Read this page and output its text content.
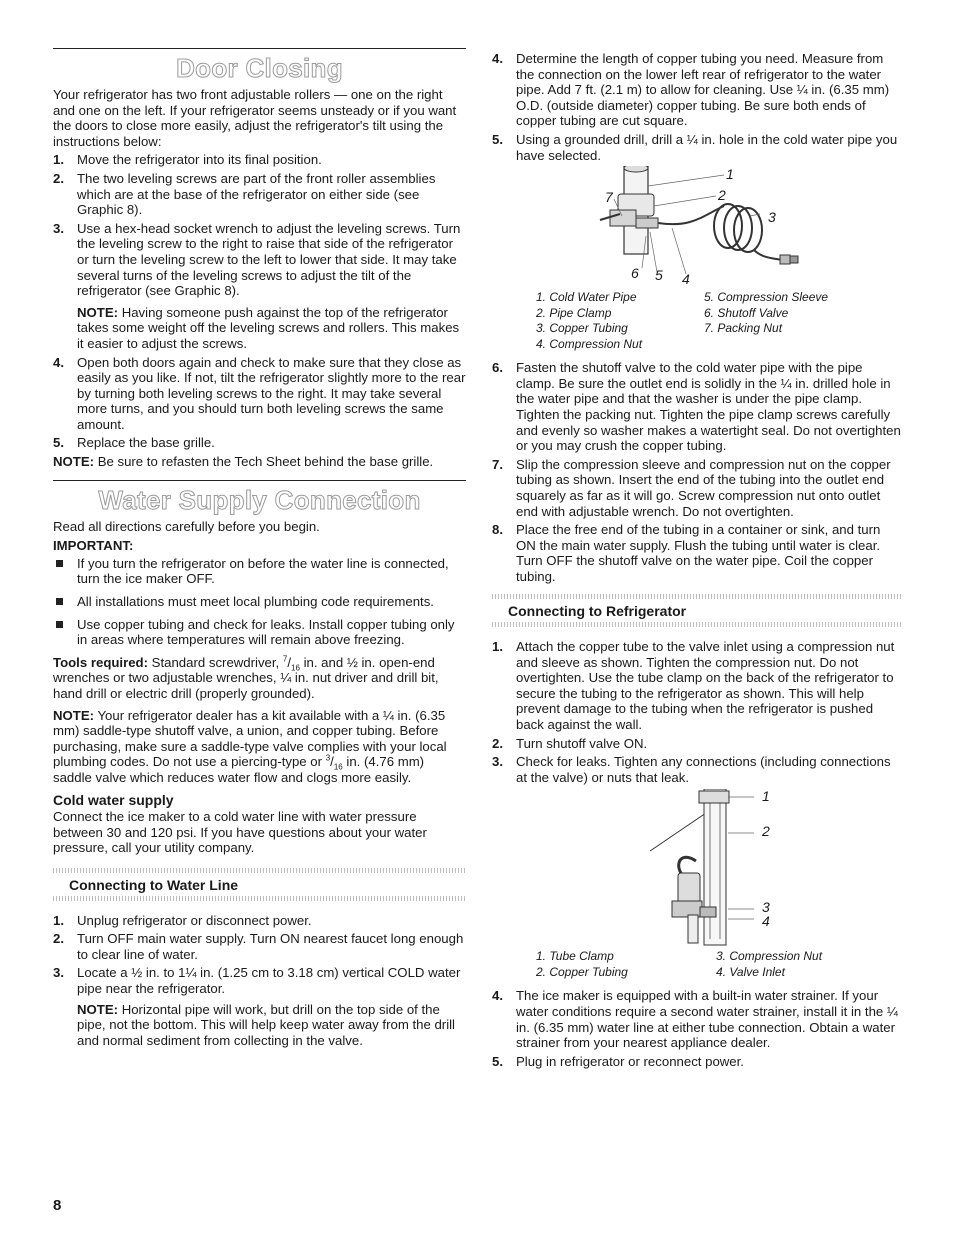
Door Closing

Your refrigerator has two front adjustable rollers — one on the right and one on the left. If your refrigerator seems unsteady or if you want the doors to close more easily, adjust the refrigerator's tilt using the instructions below:

1. Move the refrigerator into its final position.
2. The two leveling screws are part of the front roller assemblies which are at the base of the refrigerator on either side (see Graphic 8).
3. Use a hex-head socket wrench to adjust the leveling screws. Turn the leveling screw to the right to raise that side of the refrigerator or turn the leveling screw to the left to lower that side. It may take several turns of the leveling screws to adjust the tilt of the refrigerator (see Graphic 8).

NOTE: Having someone push against the top of the refrigerator takes some weight off the leveling screws and rollers. This makes it easier to adjust the screws.

4. Open both doors again and check to make sure that they close as easily as you like. If not, tilt the refrigerator slightly more to the rear by turning both leveling screws to the right. It may take several more turns, and you should turn both leveling screws the same amount.
5. Replace the base grille.

NOTE: Be sure to refasten the Tech Sheet behind the base grille.

Water Supply Connection

Read all directions carefully before you begin.

IMPORTANT:

If you turn the refrigerator on before the water line is connected, turn the ice maker OFF.
All installations must meet local plumbing code requirements.
Use copper tubing and check for leaks. Install copper tubing only in areas where temperatures will remain above freezing.

Tools required: Standard screwdriver, $^7/_{16}$ in. and ½ in. open-end wrenches or two adjustable wrenches, ¼ in. nut driver and drill bit, hand drill or electric drill (properly grounded).

NOTE: Your refrigerator dealer has a kit available with a ¼ in. (6.35 mm) saddle-type shutoff valve, a union, and copper tubing. Before purchasing, make sure a saddle-type valve complies with your local plumbing codes. Do not use a piercing-type or $^3/_{16}$ in. (4.76 mm) saddle valve which reduces water flow and clogs more easily.

Cold water supply

Connect the ice maker to a cold water line with water pressure between 30 and 120 psi. If you have questions about your water pressure, call your utility company.

Connecting to Water Line
1. Unplug refrigerator or disconnect power.
2. Turn OFF main water supply. Turn ON nearest faucet long enough to clear line of water.
3. Locate a ½ in. to 1¼ in. (1.25 cm to 3.18 cm) vertical COLD water pipe near the refrigerator.

NOTE: Horizontal pipe will work, but drill on the top side of the pipe, not the bottom. This will help keep water away from the drill and normal sediment from collecting in the valve.

4. Determine the length of copper tubing you need. Measure from the connection on the lower left rear of refrigerator to the water pipe. Add 7 ft. (2.1 m) to allow for cleaning. Use ¼ in. (6.35 mm) O.D. (outside diameter) copper tubing. Be sure both ends of copper tubing are cut square.
5. Using a grounded drill, drill a ¼ in. hole in the cold water pipe you have selected.
1
2
3
4
5
6
7
1. Cold Water Pipe	5. Compression Sleeve
2. Pipe Clamp	6. Shutoff Valve
3. Copper Tubing	7. Packing Nut
4. Compression Nut
6. Fasten the shutoff valve to the cold water pipe with the pipe clamp. Be sure the outlet end is solidly in the ¼ in. drilled hole in the water pipe and that the washer is under the pipe clamp. Tighten the packing nut. Tighten the pipe clamp screws carefully and evenly so washer makes a watertight seal. Do not overtighten or you may crush the copper tubing.
7. Slip the compression sleeve and compression nut on the copper tubing as shown. Insert the end of the tubing into the outlet end squarely as far as it will go. Screw compression nut onto outlet end with adjustable wrench. Do not overtighten.
8. Place the free end of the tubing in a container or sink, and turn ON the main water supply. Flush the tubing until water is clear. Turn OFF the shutoff valve on the water pipe. Coil the copper tubing.
Connecting to Refrigerator
1. Attach the copper tube to the valve inlet using a compression nut and sleeve as shown. Tighten the compression nut. Do not overtighten. Use the tube clamp on the back of the refrigerator to secure the tubing to the refrigerator as shown. This will help prevent damage to the tubing when the refrigerator is pushed back against the wall.
2. Turn shutoff valve ON.
3. Check for leaks. Tighten any connections (including connections at the valve) or nuts that leak.
1
2
3
4
1. Tube Clamp	3. Compression Nut
2. Copper Tubing	4. Valve Inlet
4. The ice maker is equipped with a built-in water strainer. If your water conditions require a second water strainer, install it in the ¼ in. (6.35 mm) water line at either tube connection. Obtain a water strainer from your nearest appliance dealer.
5. Plug in refrigerator or reconnect power.
8
